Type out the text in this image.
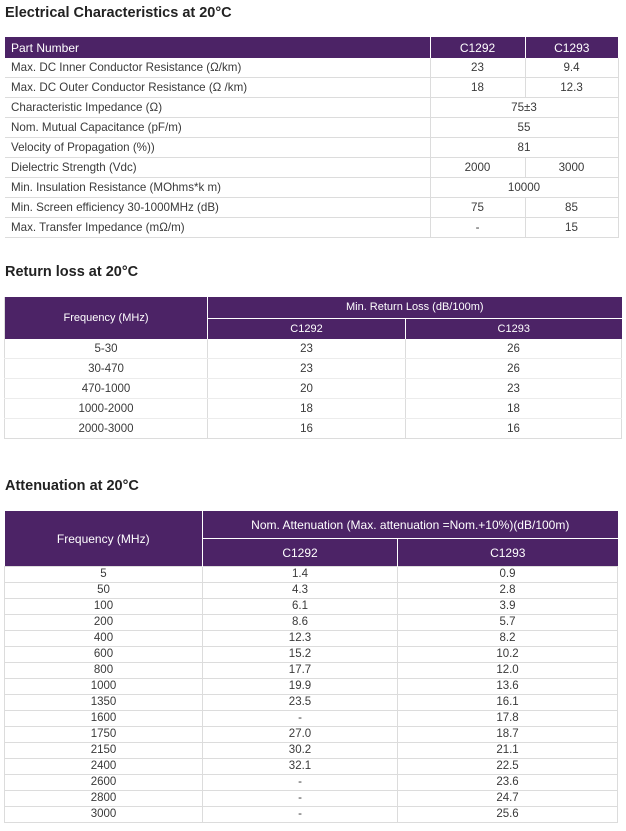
Electrical Characteristics at 20°C
Part Number	C1292	C1293
Max. DC Inner Conductor Resistance (Ω/km)	23	9.4
Max. DC Outer Conductor Resistance (Ω /km)	18	12.3
Characteristic Impedance (Ω)	75±3	
Nom. Mutual Capacitance (pF/m)	55	
Velocity of Propagation (%))	81	
Dielectric Strength (Vdc)	2000	3000
Min. Insulation Resistance (MOhms*k m)	10000	
Min. Screen efficiency 30-1000MHz (dB)	75	85
Max. Transfer Impedance (mΩ/m)	-	15
Return loss at 20°C
Frequency (MHz)	Min. Return Loss (dB/100m)	
	C1292	C1293
5-30	23	26
30-470	23	26
470-1000	20	23
1000-2000	18	18
2000-3000	16	16
Attenuation at 20°C
Frequency (MHz)	Nom. Attenuation (Max. attenuation =Nom.+10%)(dB/100m)	
	C1292	C1293
5	1.4	0.9
50	4.3	2.8
100	6.1	3.9
200	8.6	5.7
400	12.3	8.2
600	15.2	10.2
800	17.7	12.0
1000	19.9	13.6
1350	23.5	16.1
1600	-	17.8
1750	27.0	18.7
2150	30.2	21.1
2400	32.1	22.5
2600	-	23.6
2800	-	24.7
3000	-	25.6
